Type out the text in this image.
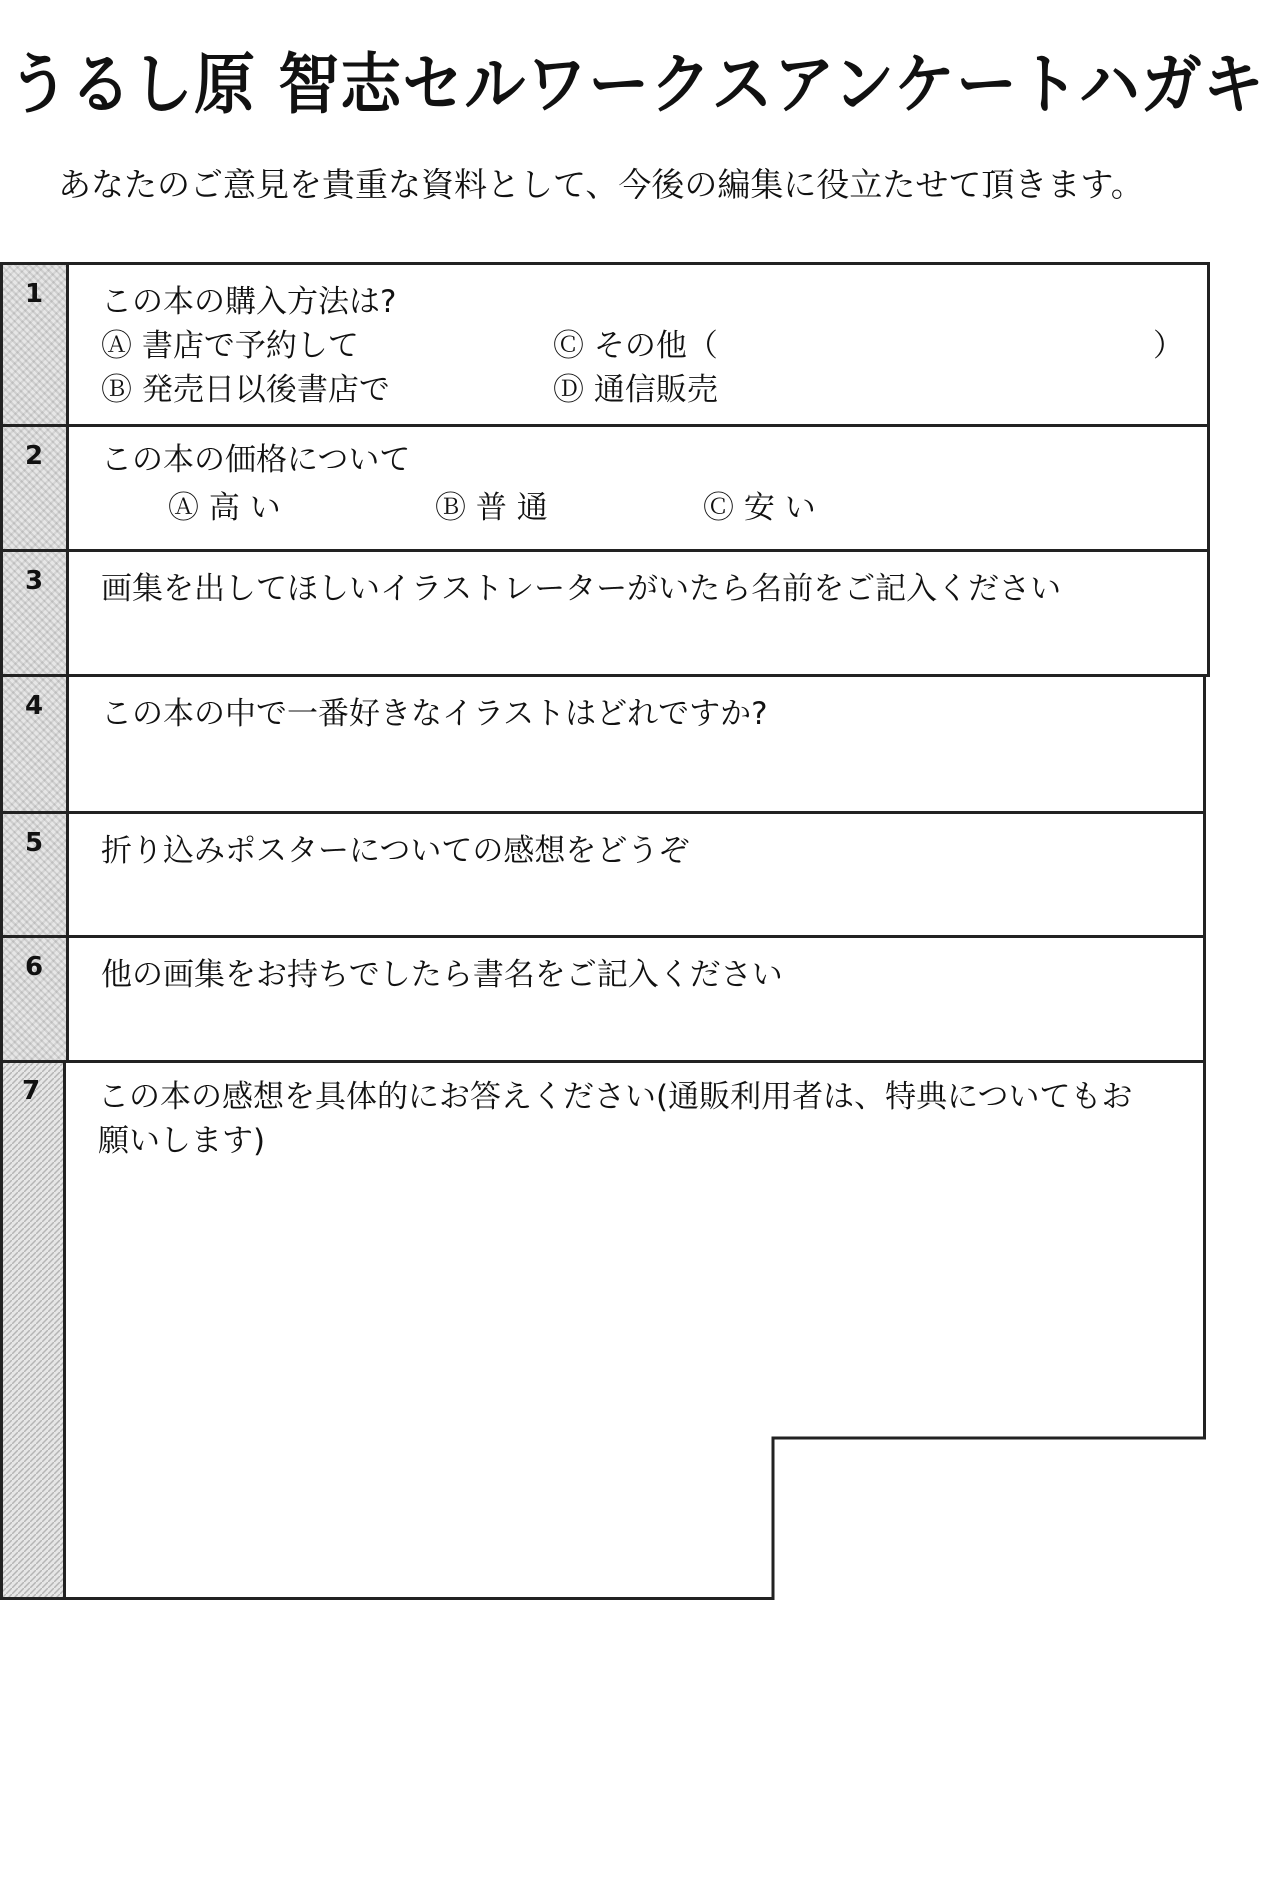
うるし原 智志セルワークスアンケートハガキ
あなたのご意見を貴重な資料として、今後の編集に役立たせて頂きます。
1 この本の購入方法は?
Ⓐ 書店で予約して
Ⓑ 発売日以後書店で
Ⓒ その他（	）
Ⓓ 通信販売
2 この本の価格について
Ⓐ 高 い	Ⓑ 普 通	Ⓒ 安 い
3 画集を出してほしいイラストレーターがいたら名前をご記入ください
4 この本の中で一番好きなイラストはどれですか?
5 折り込みポスターについての感想をどうぞ
6 他の画集をお持ちでしたら書名をご記入ください
7 この本の感想を具体的にお答えください(通販利用者は、特典についてもお
願いします)
